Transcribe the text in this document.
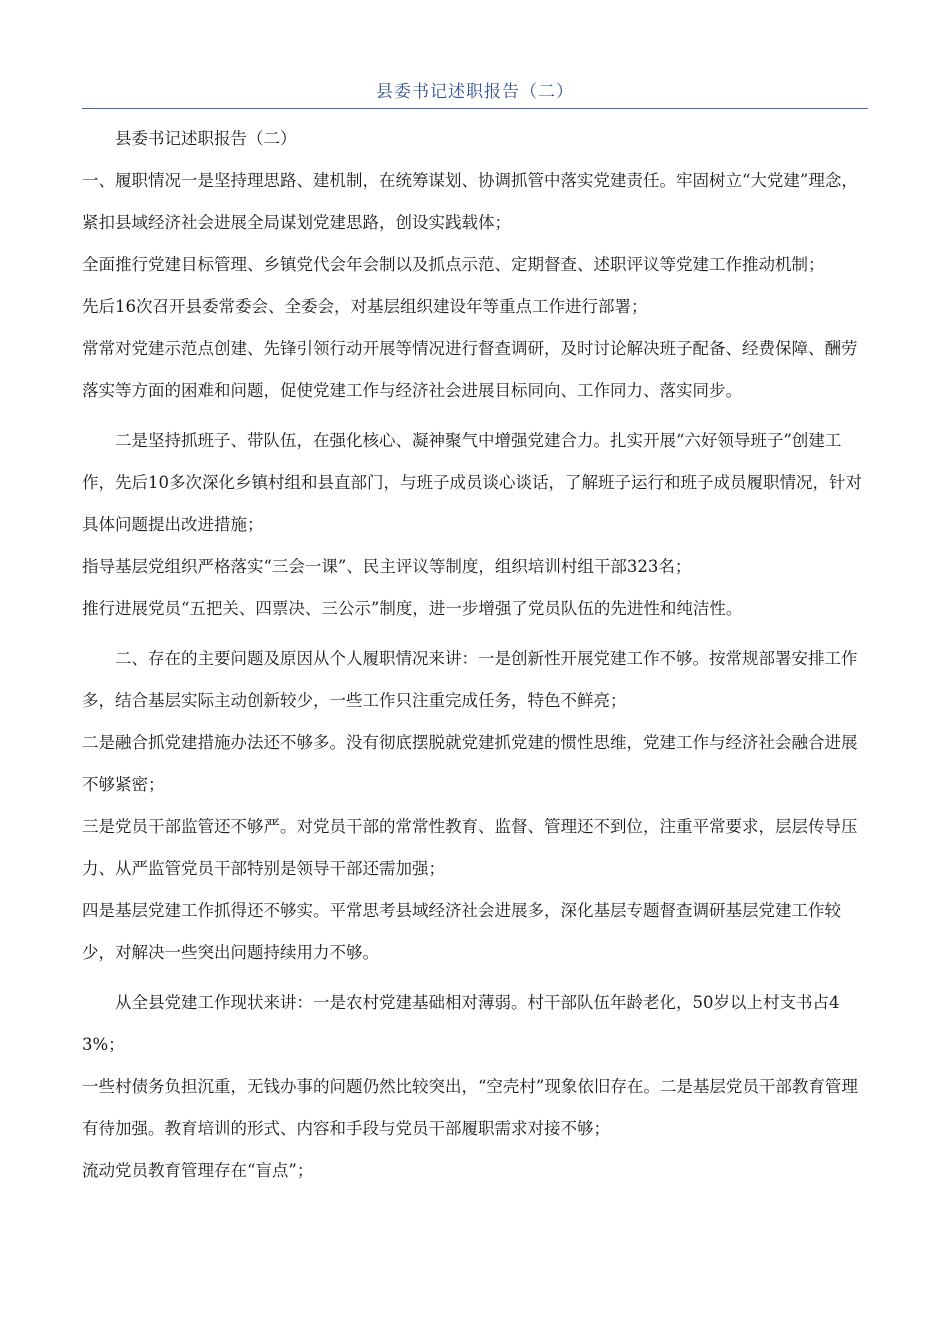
县委书记述职报告（二）

县委书记述职报告（二）

一、履职情况一是坚持理思路、建机制，在统筹谋划、协调抓管中落实党建责任。牢固树立“大党建”理念，紧扣县域经济社会进展全局谋划党建思路，创设实践载体；

全面推行党建目标管理、乡镇党代会年会制以及抓点示范、定期督查、述职评议等党建工作推动机制；

先后16次召开县委常委会、全委会，对基层组织建设年等重点工作进行部署；

常常对党建示范点创建、先锋引领行动开展等情况进行督查调研，及时讨论解决班子配备、经费保障、酬劳落实等方面的困难和问题，促使党建工作与经济社会进展目标同向、工作同力、落实同步。

二是坚持抓班子、带队伍，在强化核心、凝神聚气中增强党建合力。扎实开展“六好领导班子”创建工作，先后10多次深化乡镇村组和县直部门，与班子成员谈心谈话，了解班子运行和班子成员履职情况，针对具体问题提出改进措施；

指导基层党组织严格落实“三会一课”、民主评议等制度，组织培训村组干部323名；

推行进展党员“五把关、四票决、三公示”制度，进一步增强了党员队伍的先进性和纯洁性。

二、存在的主要问题及原因从个人履职情况来讲：一是创新性开展党建工作不够。按常规部署安排工作多，结合基层实际主动创新较少，一些工作只注重完成任务，特色不鲜亮；

二是融合抓党建措施办法还不够多。没有彻底摆脱就党建抓党建的惯性思维，党建工作与经济社会融合进展不够紧密；

三是党员干部监管还不够严。对党员干部的常常性教育、监督、管理还不到位，注重平常要求，层层传导压力、从严监管党员干部特别是领导干部还需加强；

四是基层党建工作抓得还不够实。平常思考县域经济社会进展多，深化基层专题督查调研基层党建工作较少，对解决一些突出问题持续用力不够。

从全县党建工作现状来讲：一是农村党建基础相对薄弱。村干部队伍年龄老化，50岁以上村支书占43%；

一些村债务负担沉重，无钱办事的问题仍然比较突出，“空壳村”现象依旧存在。二是基层党员干部教育管理有待加强。教育培训的形式、内容和手段与党员干部履职需求对接不够；

流动党员教育管理存在“盲点”；
